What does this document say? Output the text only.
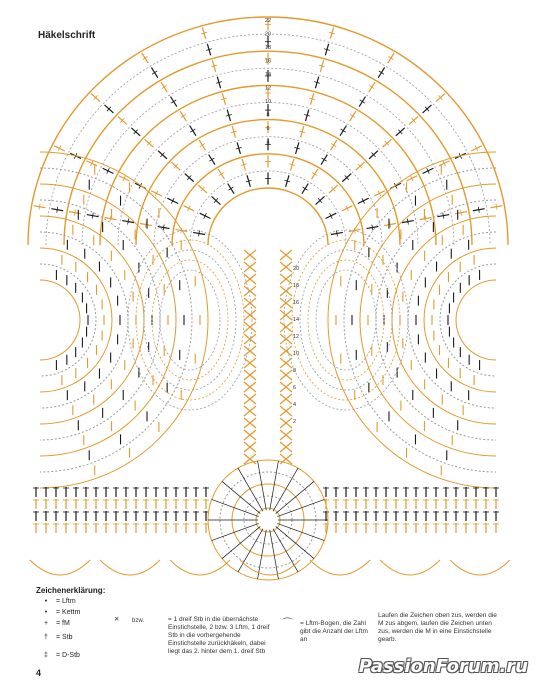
22
20
18
16
14
12
10
8
6
4
20
18
16
14
12
10
8
6
4
2
Häkelschrift
Zeichenerklärung:
•	= Lftm
•	= Kettm
+	= fM
†	= Stb
‡	= D-Stb
✕	bzw.	= 1 dreif Stb in die übernächste Einstichstelle, 2 bzw. 3 Lftm, 1 dreif Stb in die vorhergehende Einstichstelle zurückhäkeln, dabei liegt das 2. hinter dem 1. dreif Stb
⌒	= Lftm-Bogen, die Zahl gibt die Anzahl der Lftm an
Laufen die Zeichen oben zus, werden die M zus abgem, laufen die Zeichen unten zus, werden die M in eine Einstichstelle gearb.
4	PassionForum.ru
